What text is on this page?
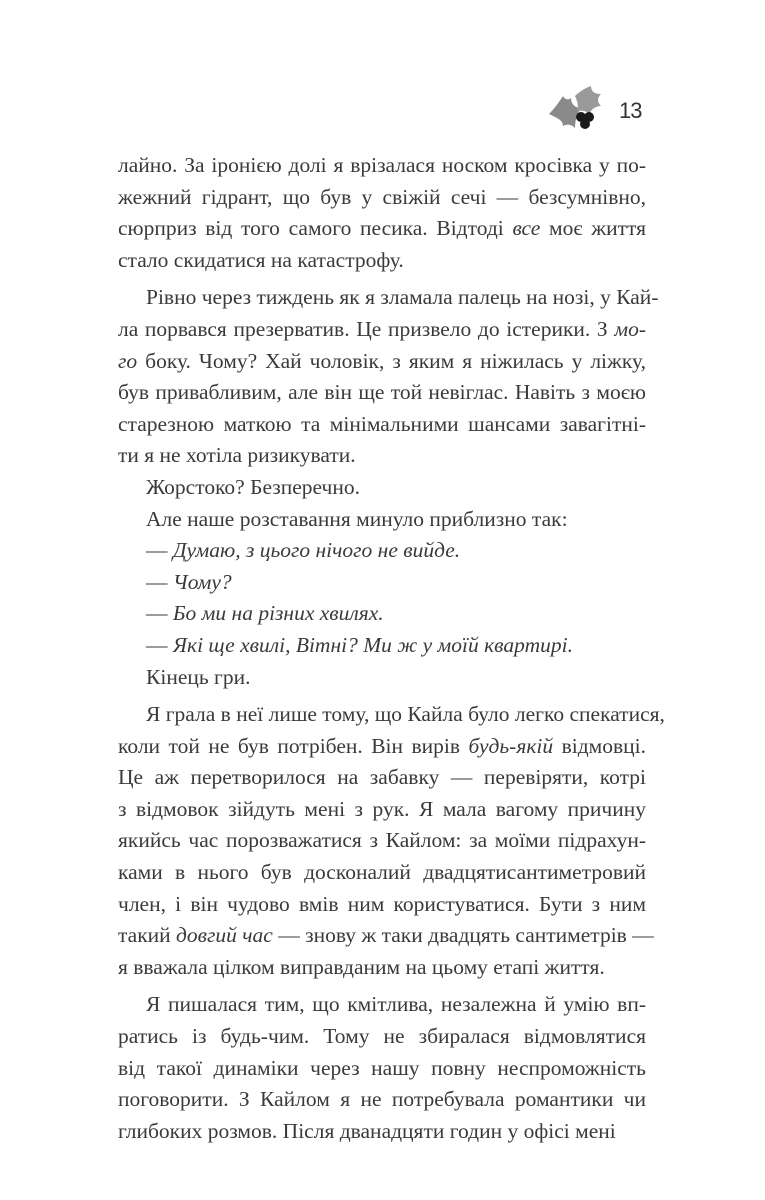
13
лайно. За іронією долі я врізалася носком кросівка у по-
жежний гідрант, що був у свіжій сечі — безсумнівно,
сюрприз від того самого песика. Відтоді все моє життя
стало скидатися на катастрофу.
Рівно через тиждень як я зламала палець на нозі, у Кай-
ла порвався презерватив. Це призвело до істерики. З мо-
го боку. Чому? Хай чоловік, з яким я ніжилась у ліжку,
був привабливим, але він ще той невіглас. Навіть з моєю
старезною маткою та мінімальними шансами завагітні-
ти я не хотіла ризикувати.
Жорстоко? Безперечно.
Але наше розставання минуло приблизно так:
— Думаю, з цього нічого не вийде.
— Чому?
— Бо ми на різних хвилях.
— Які ще хвилі, Вітні? Ми ж у моїй квартирі.
Кінець гри.
Я грала в неї лише тому, що Кайла було легко спекатися,
коли той не був потрібен. Він вирів будь-якій відмовці.
Це аж перетворилося на забавку — перевіряти, котрі
з відмовок зійдуть мені з рук. Я мала вагому причину
якийсь час порозважатися з Кайлом: за моїми підрахун-
ками в нього був досконалий двадцятисантиметровий
член, і він чудово вмів ним користуватися. Бути з ним
такий довгий час — знову ж таки двадцять сантиметрів —
я вважала цілком виправданим на цьому етапі життя.
Я пишалася тим, що кмітлива, незалежна й умію вп-
ратись із будь-чим. Тому не збиралася відмовлятися
від такої динаміки через нашу повну неспроможність
поговорити. З Кайлом я не потребувала романтики чи
глибоких розмов. Після дванадцяти годин у офісі мені
